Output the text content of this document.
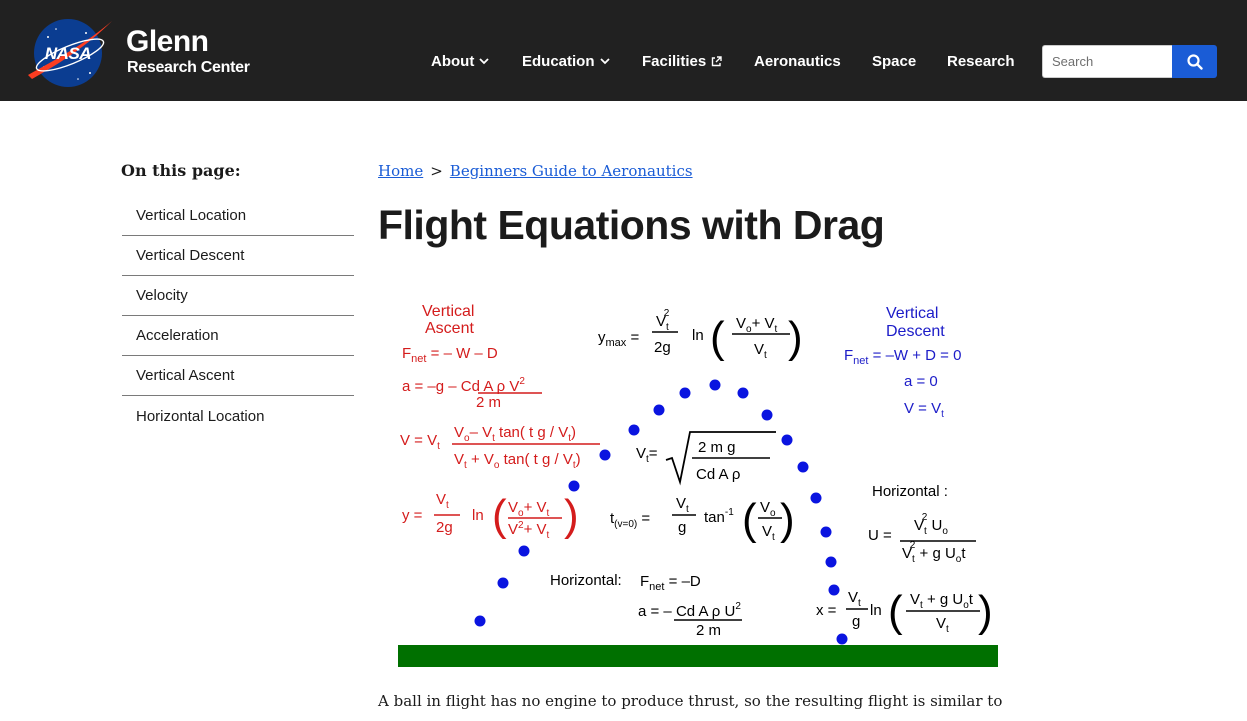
NASA Glenn
Research Center	About	Education	Facilities	Aeronautics Space Research
Search
On this page:
Vertical Location
Vertical Descent
Velocity
Acceleration
Vertical Ascent
Horizontal Location
Home > Beginners Guide to Aeronautics
Flight Equations with Drag
Vertical
Ascent
$F_{net}$ = – W – D
a = –g – Cd A ρ $V^2$
2 m
$V = V_t$
$V_o-$ $V_t$ tan( t g / $V_t$)
$V_t + V_o$ tan( t g / $V_t$)
y =
$V_t$
2g
$\ln V_o+ V_t$
$V^2+ V_t$
( )
$y_{max}$ =
$V_t2$
2g
ln
$V_o+ V_t$
$V_t$
( )
$V_t=$	2 m g
Cd A ρ
$t_{(v=0)}$ =
$V_t$
g
$\tan^{-1} V_o$
$V_t$
( )
Horizontal: $F_{net} = -D$
a = – Cd A ρ $U^2$
2 m
Vertical
Descent
$F_{net} = -W + D = 0$
a = 0
$V = V_t$
Horizontal :
U =
$V_t2$ $U_o$
$V_t2 + g$ $U_ot$
x =
$V_t$
g
ln
$V_t + g$ $U_ot$
$V_t$
( )

A ball in flight has no engine to produce thrust, so the resulting flight is similar to
